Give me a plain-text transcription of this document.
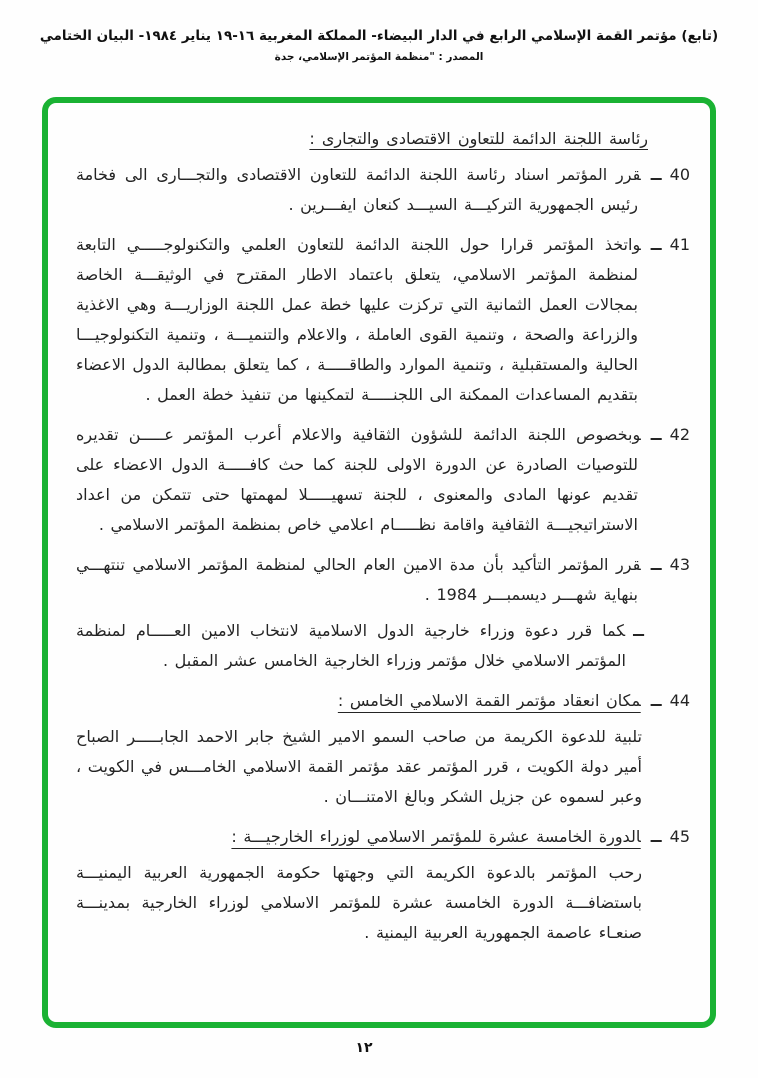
(تابع) مؤتمر القمة الإسلامي الرابع في الدار البيضاء- المملكة المغربية ١٦-١٩ يناير ١٩٨٤- البيان الختامي
المصدر : "منظمة المؤتمر الإسلامي، جدة
رئاسة اللجنة الدائمة للتعاون الاقتصادى والتجارى :
40ــقرر المؤتمر اسناد رئاسة اللجنة الدائمة للتعاون الاقتصادى والتجـــارى الى فخامة رئيس الجمهورية التركيـــة السيـــد كنعان ايفـــرين .
41ــواتخذ المؤتمر قرارا حول اللجنة الدائمة للتعاون العلمي والتكنولوجـــــي التابعة لمنظمة المؤتمر الاسلامي، يتعلق باعتماد الاطار المقترح في الوثيقـــة الخاصة بمجالات العمل الثمانية التي تركزت عليها خطة عمل اللجنة الوزاريـــة وهي الاغذية والزراعة والصحة ، وتنمية القوى العاملة ، والاعلام والتنميـــة ، وتنمية التكنولوجيـــا الحالية والمستقبلية ، وتنمية الموارد والطاقـــــة ، كما يتعلق بمطالبة الدول الاعضاء بتقديم المساعدات الممكنة الى اللجنـــــة لتمكينها من تنفيذ خطة العمل .
42ــوبخصوص اللجنة الدائمة للشؤون الثقافية والاعلام أعرب المؤتمر عـــــن تقديره للتوصيات الصادرة عن الدورة الاولى للجنة كما حث كافـــــة الدول الاعضاء على تقديم عونها المادى والمعنوى ، للجنة تسهيـــــلا لمهمتها حتى تتمكن من اعداد الاستراتيجيـــة الثقافية واقامة نظـــــام اعلامي خاص بمنظمة المؤتمر الاسلامي .
43ــقرر المؤتمر التأكيد بأن مدة الامين العام الحالي لمنظمة المؤتمر الاسلامي تنتهـــي بنهاية شهـــر ديسمبـــر 1984 .
ــكما قرر دعوة وزراء خارجية الدول الاسلامية لانتخاب الامين العـــــام لمنظمة المؤتمر الاسلامي خلال مؤتمر وزراء الخارجية الخامس عشر المقبل .
44ــمكان انعقاد مؤتمر القمة الاسلامي الخامس :
تلبية للدعوة الكريمة من صاحب السمو الامير الشيخ جابر الاحمد الجابـــــر الصباح أمير دولة الكويت ، قرر المؤتمر عقد مؤتمر القمة الاسلامي الخامـــس في الكويت ، وعبر لسموه عن جزيل الشكر وبالغ الامتنـــان .
45ــالدورة الخامسة عشرة للمؤتمر الاسلامي لوزراء الخارجيـــة :
رحب المؤتمر بالدعوة الكريمة التي وجهتها حكومة الجمهورية العربية اليمنيـــة باستضافـــة الدورة الخامسة عشرة للمؤتمر الاسلامي لوزراء الخارجية بمدينـــة صنعـاء عاصمة الجمهورية العربية اليمنية .
١٢
